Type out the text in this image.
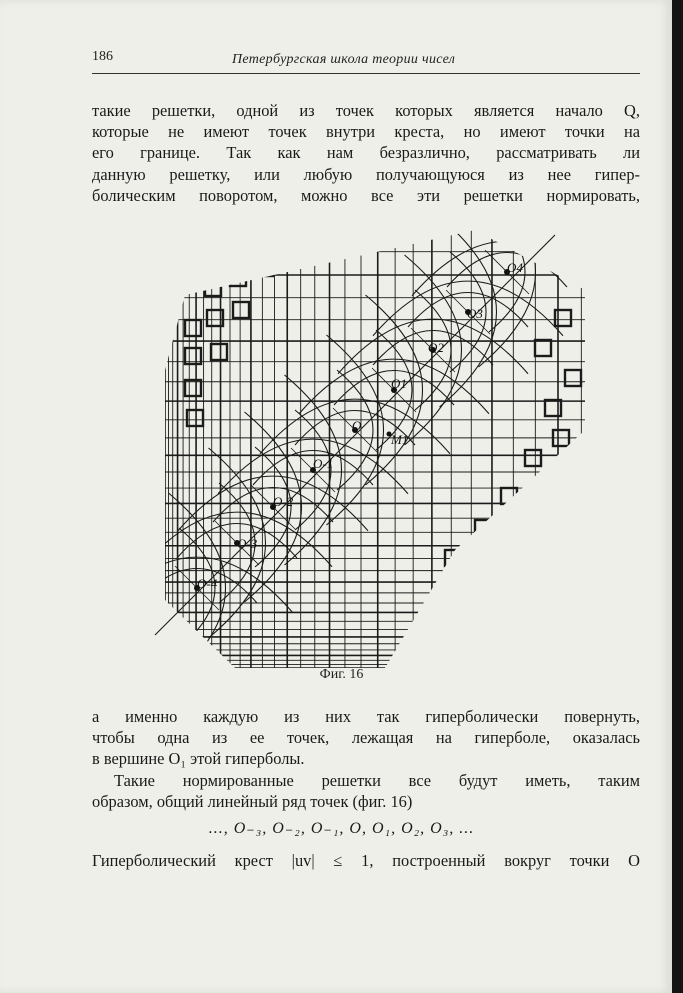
186	Петербургская школа теории чисел
такие решетки, одной из точек которых является начало Q,
которые не имеют точек внутри креста, но имеют точки на
его границе. Так как нам безразлично, рассматривать ли
данную решетку, или любую получающуюся из нее гипер-
болическим поворотом, можно все эти решетки нормировать,
O4
O3
O2
O1
O
M1
O-1
O-2
O-3
O-4
Фиг. 16
а именно каждую из них так гиперболически повернуть,
чтобы одна из ее точек, лежащая на гиперболе, оказалась
в вершине O₁ этой гиперболы.
Такие нормированные решетки все будут иметь, таким
образом, общий линейный ряд точек (фиг. 16)
..., O₋₃, O₋₂, O₋₁, O, O₁, O₂, O₃, ...
Гиперболический крест |uv| ≤ 1, построенный вокруг точки O
